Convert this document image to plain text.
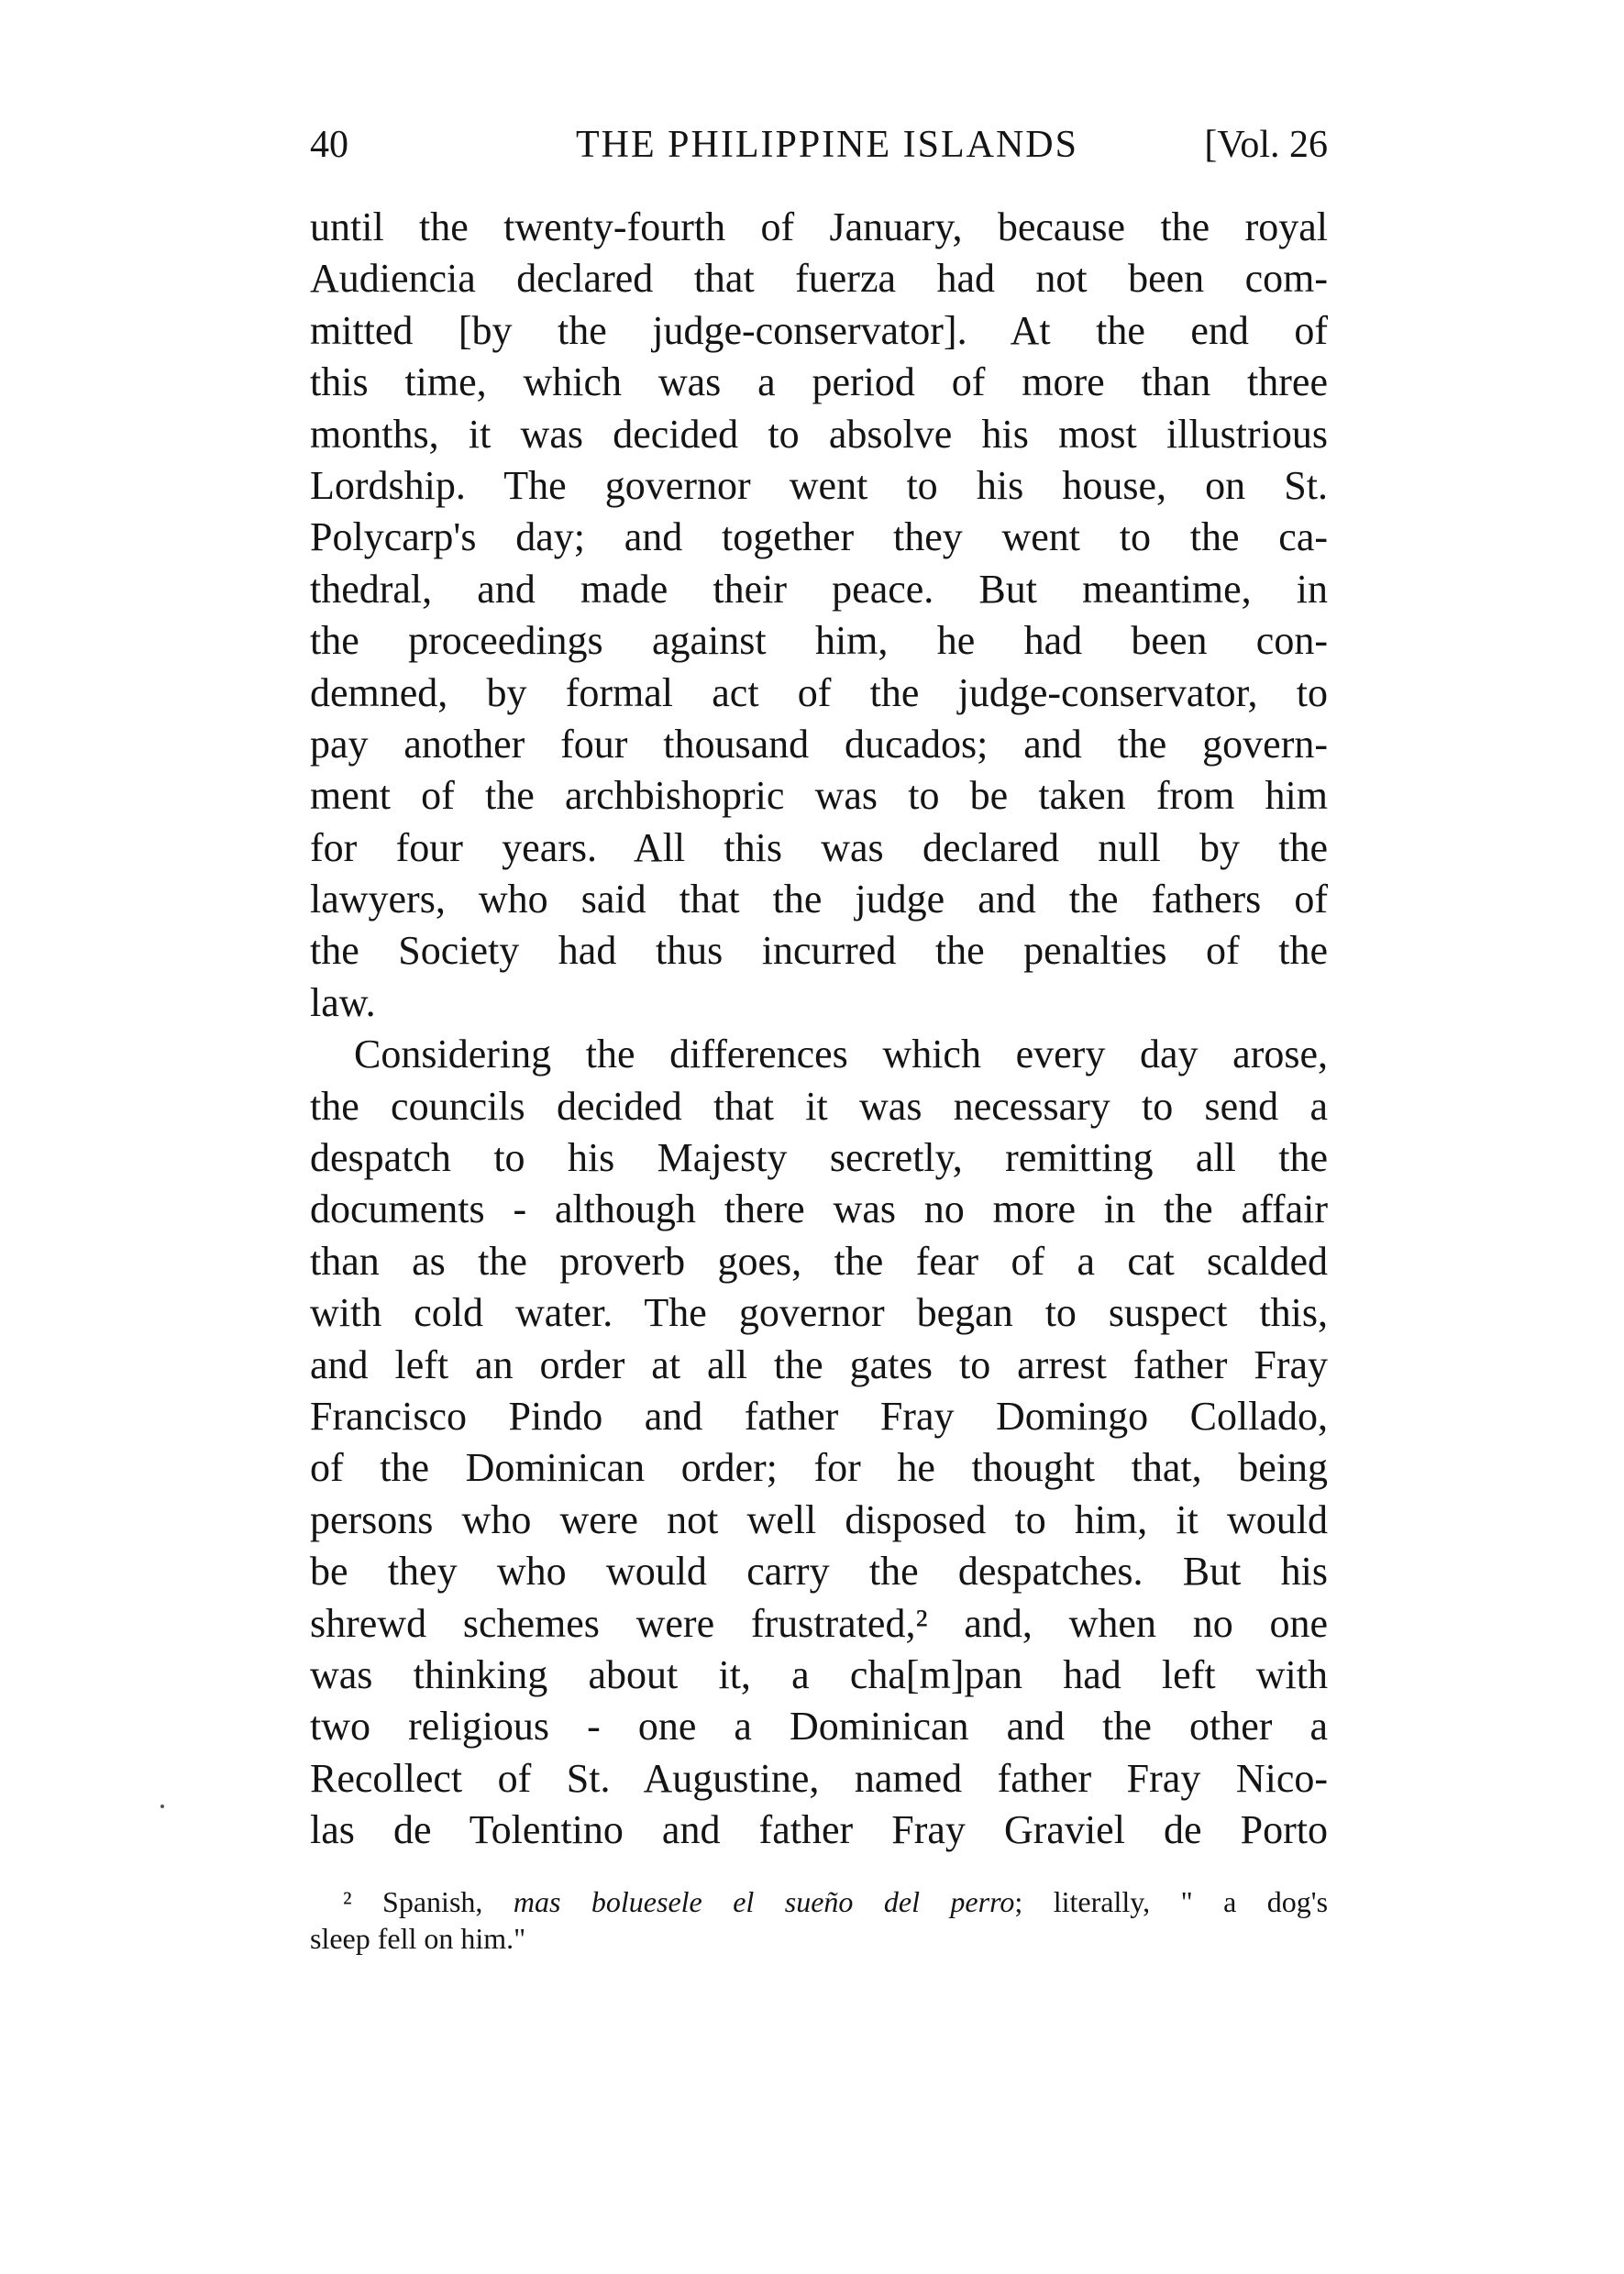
40	THE PHILIPPINE ISLANDS	[Vol. 26
until the twenty-fourth of January, because the royal
Audiencia declared that fuerza had not been com-
mitted [by the judge-conservator]. At the end of
this time, which was a period of more than three
months, it was decided to absolve his most illustrious
Lordship. The governor went to his house, on St.
Polycarp's day; and together they went to the ca-
thedral, and made their peace. But meantime, in
the proceedings against him, he had been con-
demned, by formal act of the judge-conservator, to
pay another four thousand ducados; and the govern-
ment of the archbishopric was to be taken from him
for four years. All this was declared null by the
lawyers, who said that the judge and the fathers of
the Society had thus incurred the penalties of the
law.
Considering the differences which every day arose,
the councils decided that it was necessary to send a
despatch to his Majesty secretly, remitting all the
documents - although there was no more in the affair
than as the proverb goes, the fear of a cat scalded
with cold water. The governor began to suspect this,
and left an order at all the gates to arrest father Fray
Francisco Pindo and father Fray Domingo Collado,
of the Dominican order; for he thought that, being
persons who were not well disposed to him, it would
be they who would carry the despatches. But his
shrewd schemes were frustrated,² and, when no one
was thinking about it, a cha[m]pan had left with
two religious - one a Dominican and the other a
Recollect of St. Augustine, named father Fray Nico-
las de Tolentino and father Fray Graviel de Porto
² Spanish, mas boluesele el sueño del perro; literally, " a dog's
sleep fell on him."
